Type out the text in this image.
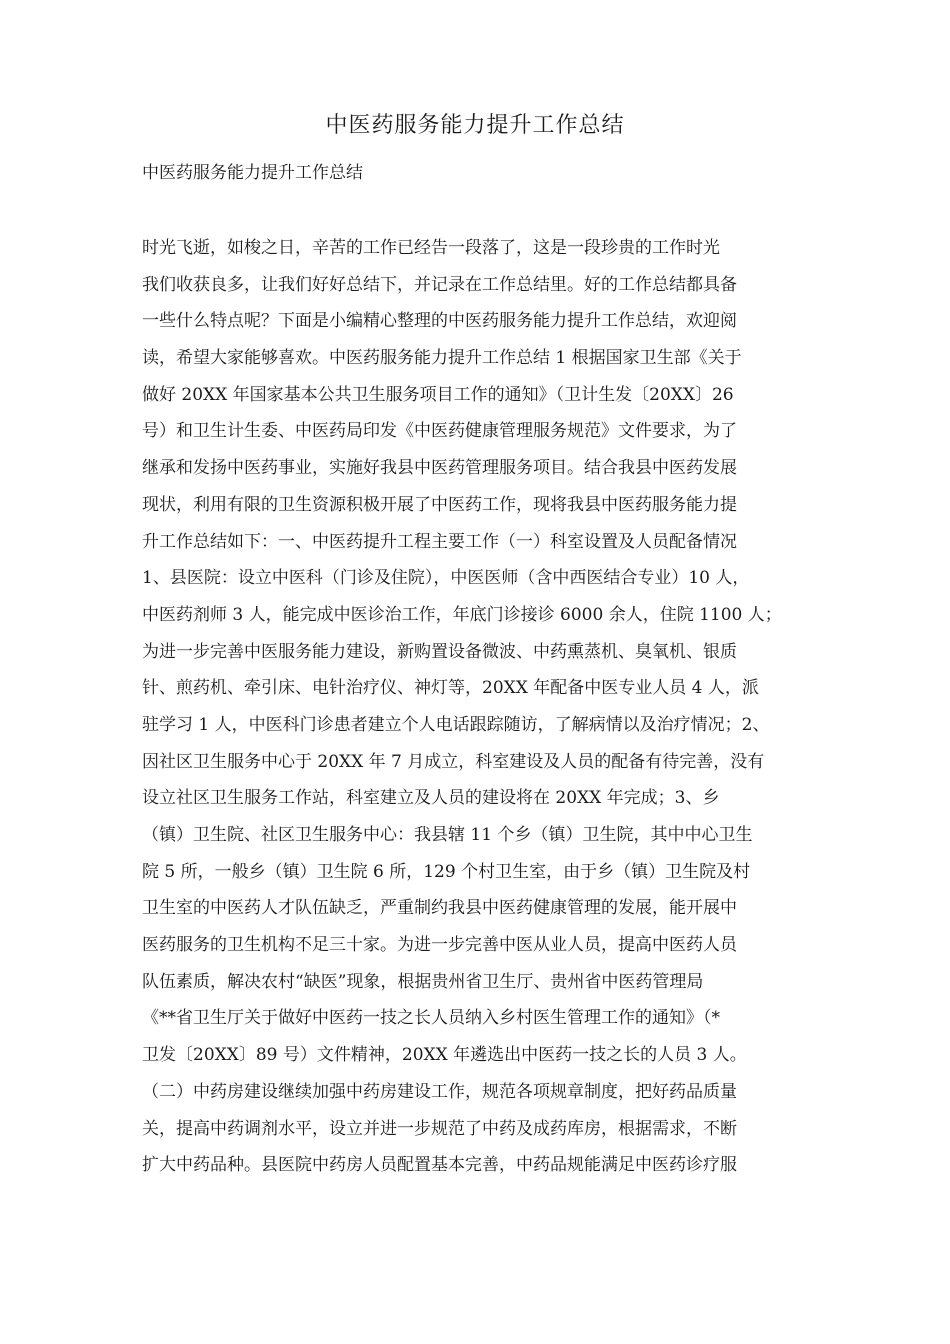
中医药服务能力提升工作总结

中医药服务能力提升工作总结

时光飞逝，如梭之日，辛苦的工作已经告一段落了，这是一段珍贵的工作时光
我们收获良多，让我们好好总结下，并记录在工作总结里。好的工作总结都具备
一些什么特点呢？下面是小编精心整理的中医药服务能力提升工作总结，欢迎阅
读，希望大家能够喜欢。中医药服务能力提升工作总结 1 根据国家卫生部《关于
做好 20XX 年国家基本公共卫生服务项目工作的通知》（卫计生发〔20XX〕26
号）和卫生计生委、中医药局印发《中医药健康管理服务规范》文件要求，为了
继承和发扬中医药事业，实施好我县中医药管理服务项目。结合我县中医药发展
现状，利用有限的卫生资源积极开展了中医药工作，现将我县中医药服务能力提
升工作总结如下：一、中医药提升工程主要工作（一）科室设置及人员配备情况
1、县医院：设立中医科（门诊及住院），中医医师（含中西医结合专业）10 人，
中医药剂师 3 人，能完成中医诊治工作，年底门诊接诊 6000 余人，住院 1100 人；
为进一步完善中医服务能力建设，新购置设备微波、中药熏蒸机、臭氧机、银质
针、煎药机、牵引床、电针治疗仪、神灯等，20XX 年配备中医专业人员 4 人，派
驻学习 1 人，中医科门诊患者建立个人电话跟踪随访，了解病情以及治疗情况；2、
因社区卫生服务中心于 20XX 年 7 月成立，科室建设及人员的配备有待完善，没有
设立社区卫生服务工作站，科室建立及人员的建设将在 20XX 年完成；3、乡
（镇）卫生院、社区卫生服务中心：我县辖 11 个乡（镇）卫生院，其中中心卫生
院 5 所，一般乡（镇）卫生院 6 所，129 个村卫生室，由于乡（镇）卫生院及村
卫生室的中医药人才队伍缺乏，严重制约我县中医药健康管理的发展，能开展中
医药服务的卫生机构不足三十家。为进一步完善中医从业人员，提高中医药人员
队伍素质，解决农村“缺医”现象，根据贵州省卫生厅、贵州省中医药管理局
《**省卫生厅关于做好中医药一技之长人员纳入乡村医生管理工作的通知》（*
卫发〔20XX〕89 号）文件精神，20XX 年遴选出中医药一技之长的人员 3 人。
（二）中药房建设继续加强中药房建设工作，规范各项规章制度，把好药品质量
关，提高中药调剂水平，设立并进一步规范了中药及成药库房，根据需求，不断
扩大中药品种。县医院中药房人员配置基本完善，中药品规能满足中医药诊疗服
